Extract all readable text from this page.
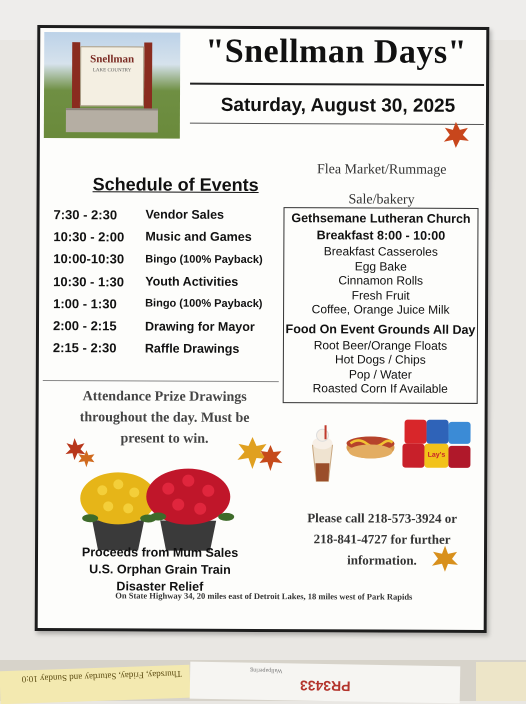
Snellman
LAKE COUNTRY	"Snellman Days"
Saturday, August 30, 2025
Flea Market/Rummage
Sale/bakery
Schedule of Events
7:30 - 2:30	Vendor Sales
10:30 - 2:00	Music and Games
10:00-10:30	Bingo (100% Payback)
10:30 - 1:30	Youth Activities
1:00 - 1:30	Bingo (100% Payback)
2:00 - 2:15	Drawing for Mayor
2:15 - 2:30	Raffle Drawings
Gethsemane Lutheran Church
Breakfast 8:00 - 10:00
Breakfast Casseroles
Egg Bake
Cinnamon Rolls
Fresh Fruit
Coffee, Orange Juice Milk
Food On Event Grounds All Day
Root Beer/Orange Floats
Hot Dogs / Chips
Pop / Water
Roasted Corn If Available
Attendance Prize Drawings
throughout the day. Must be
present to win.
Lay's
Please call 218-573-3924 or
218-841-4727 for further
information.
Proceeds from Mum Sales
U.S. Orphan Grain Train
Disaster Relief
On State Highway 34, 20 miles east of Detroit Lakes, 18 miles west of Park Rapids
Thursday, Friday, Saturday and Sunday 10:0	Wallpapering
PR3433
